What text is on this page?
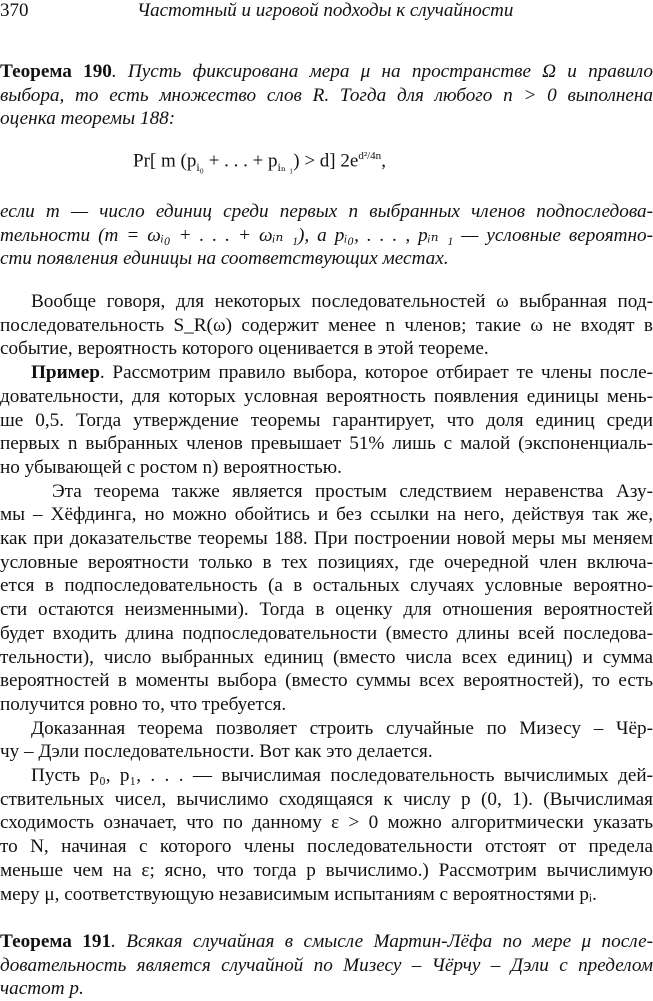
370	Частотный и игровой подходы к случайности
Теорема 190. Пусть фиксирована мера μ на пространстве Ω и правило
выбора, то есть множество слов R. Тогда для любого n > 0 выполнена
оценка теоремы 188:
Pr[ m ($p_{i_0}$ + . . . + $p_{i_n _1}) > d$] $2e^{d^2/4n}$,
если m — число единиц среди первых n выбранных членов подпоследова-
тельности (m = ωᵢ₀ + . . . + ωᵢₙ ₁), а pᵢ₀, . . . , pᵢₙ ₁ — условные вероятно-
сти появления единицы на соответствующих местах.
Вообще говоря, для некоторых последовательностей ω выбранная под-
последовательность S_R(ω) содержит менее n членов; такие ω не входят в
событие, вероятность которого оценивается в этой теореме.
Пример. Рассмотрим правило выбора, которое отбирает те члены после-
довательности, для которых условная вероятность появления единицы мень-
ше 0,5. Тогда утверждение теоремы гарантирует, что доля единиц среди
первых n выбранных членов превышает 51% лишь с малой (экспоненциаль-
но убывающей с ростом n) вероятностью.
Эта теорема также является простым следствием неравенства Азу-
мы – Хёфдинга, но можно обойтись и без ссылки на него, действуя так же,
как при доказательстве теоремы 188. При построении новой меры мы меняем
условные вероятности только в тех позициях, где очередной член включа-
ется в подпоследовательность (а в остальных случаях условные вероятно-
сти остаются неизменными). Тогда в оценку для отношения вероятностей
будет входить длина подпоследовательности (вместо длины всей последова-
тельности), число выбранных единиц (вместо числа всех единиц) и сумма
вероятностей в моменты выбора (вместо суммы всех вероятностей), то есть
получится ровно то, что требуется.
Доказанная теорема позволяет строить случайные по Мизесу – Чёр-
чу – Дэли последовательности. Вот как это делается.
Пусть p₀, p₁, . . . — вычислимая последовательность вычислимых дей-
ствительных чисел, вычислимо сходящаяся к числу p (0, 1). (Вычислимая
сходимость означает, что по данному ε > 0 можно алгоритмически указать
то N, начиная с которого члены последовательности отстоят от предела
меньше чем на ε; ясно, что тогда p вычислимо.) Рассмотрим вычислимую
меру μ, соответствующую независимым испытаниям с вероятностями pᵢ.
Теорема 191. Всякая случайная в смысле Мартин-Лёфа по мере μ после-
довательность является случайной по Мизесу – Чёрчу – Дэли с пределом
частот p.
